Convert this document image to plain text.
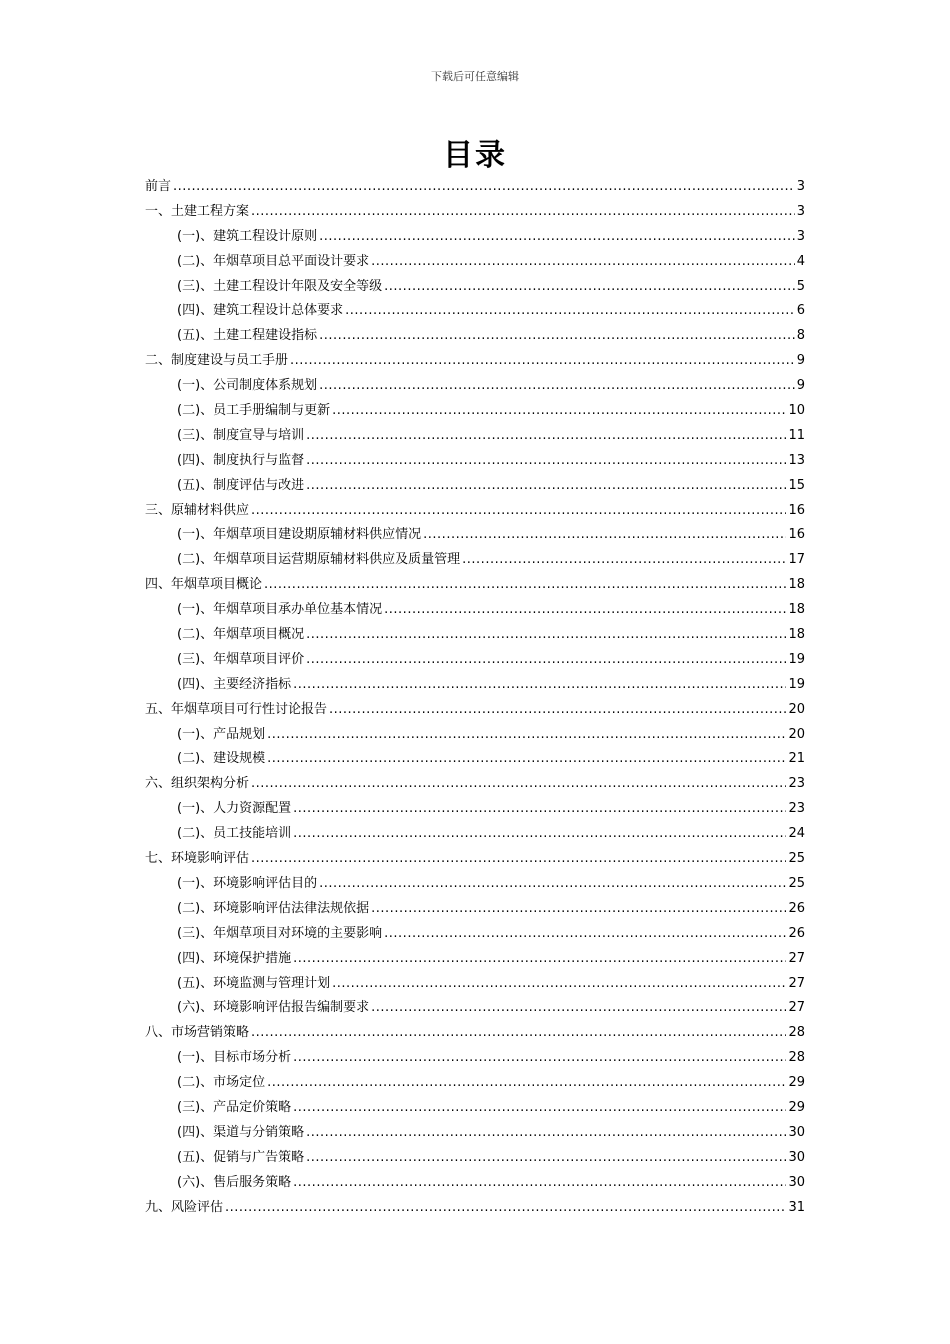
下载后可任意编辑
目录
前言 .....	3
一、土建工程方案 .....	3
(一)、建筑工程设计原则 .....	3
(二)、年烟草项目总平面设计要求 .....	4
(三)、土建工程设计年限及安全等级 .....	5
(四)、建筑工程设计总体要求 .....	6
(五)、土建工程建设指标 .....	8
二、制度建设与员工手册 .....	9
(一)、公司制度体系规划 .....	9
(二)、员工手册编制与更新 .....	10
(三)、制度宣导与培训 .....	11
(四)、制度执行与监督 .....	13
(五)、制度评估与改进 .....	15
三、原辅材料供应 .....	16
(一)、年烟草项目建设期原辅材料供应情况 .....	16
(二)、年烟草项目运营期原辅材料供应及质量管理 .....	17
四、年烟草项目概论 .....	18
(一)、年烟草项目承办单位基本情况 .....	18
(二)、年烟草项目概况 .....	18
(三)、年烟草项目评价 .....	19
(四)、主要经济指标 .....	19
五、年烟草项目可行性讨论报告 .....	20
(一)、产品规划 .....	20
(二)、建设规模 .....	21
六、组织架构分析 .....	23
(一)、人力资源配置 .....	23
(二)、员工技能培训 .....	24
七、环境影响评估 .....	25
(一)、环境影响评估目的 .....	25
(二)、环境影响评估法律法规依据 .....	26
(三)、年烟草项目对环境的主要影响 .....	26
(四)、环境保护措施 .....	27
(五)、环境监测与管理计划 .....	27
(六)、环境影响评估报告编制要求 .....	27
八、市场营销策略 .....	28
(一)、目标市场分析 .....	28
(二)、市场定位 .....	29
(三)、产品定价策略 .....	29
(四)、渠道与分销策略 .....	30
(五)、促销与广告策略 .....	30
(六)、售后服务策略 .....	30
九、风险评估 .....	31
